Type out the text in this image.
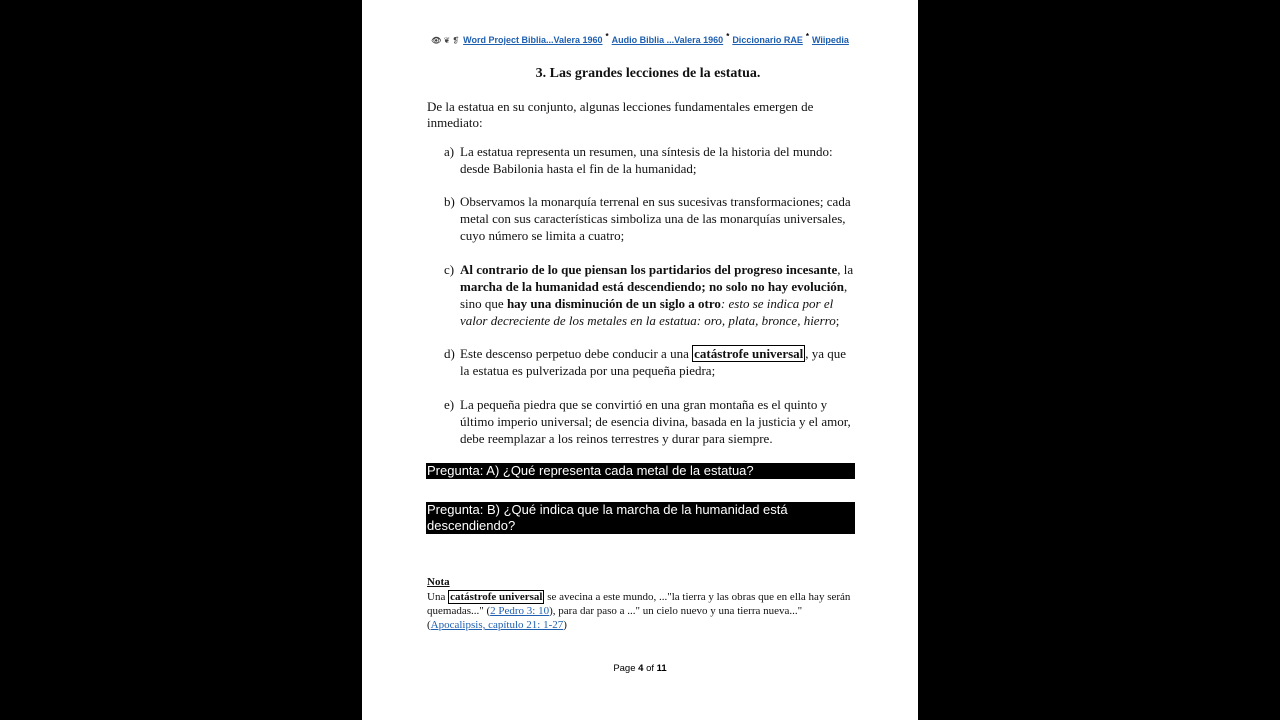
👁 ❦ ❡ Word Project Biblia...Valera 1960 * Audio Biblia ...Valera 1960 * Diccionario RAE * Wiipedia
3. Las grandes lecciones de la estatua.
De la estatua en su conjunto, algunas lecciones fundamentales emergen de inmediato:
a) La estatua representa un resumen, una síntesis de la historia del mundo: desde Babilonia hasta el fin de la humanidad;
b) Observamos la monarquía terrenal en sus sucesivas transformaciones; cada metal con sus características simboliza una de las monarquías universales, cuyo número se limita a cuatro;
c) Al contrario de lo que piensan los partidarios del progreso incesante, la marcha de la humanidad está descendiendo; no solo no hay evolución, sino que hay una disminución de un siglo a otro: esto se indica por el valor decreciente de los metales en la estatua: oro, plata, bronce, hierro;
d) Este descenso perpetuo debe conducir a una catástrofe universal , ya que la estatua es pulverizada por una pequeña piedra;
e) La pequeña piedra que se convirtió en una gran montaña es el quinto y último imperio universal; de esencia divina, basada en la justicia y el amor, debe reemplazar a los reinos terrestres y durar para siempre.
Pregunta: A) ¿Qué representa cada metal de la estatua?
Pregunta: B) ¿Qué indica que la marcha de la humanidad está descendiendo?
Nota
Una catástrofe universal se avecina a este mundo, ..."la tierra y las obras que en ella hay serán quemadas..." (2 Pedro 3: 10), para dar paso a ..." un cielo nuevo y una tierra nueva..." (Apocalipsis, capítulo 21: 1-27)
Page 4 of 11
